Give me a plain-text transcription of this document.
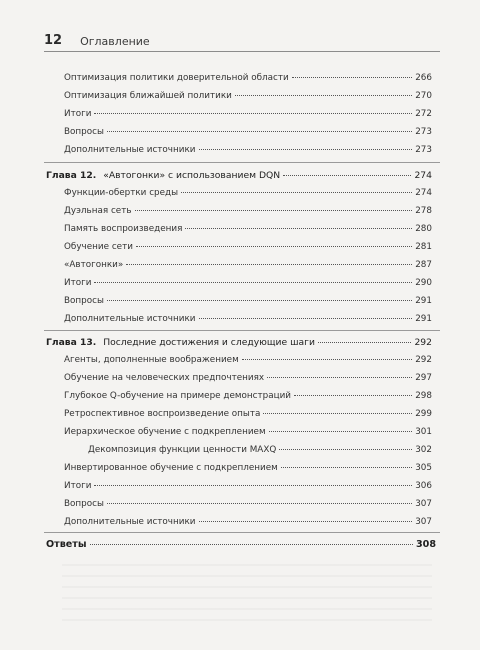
12 Оглавление
Оптимизация политики доверительной области	266
Оптимизация ближайшей политики	270
Итоги	272
Вопросы	273
Дополнительные источники	273
Глава 12. «Автогонки» с использованием DQN	274
Функции-обертки среды	274
Дуэльная сеть	278
Память воспроизведения	280
Обучение сети	281
«Автогонки»	287
Итоги	290
Вопросы	291
Дополнительные источники	291
Глава 13. Последние достижения и следующие шаги	292
Агенты, дополненные воображением	292
Обучение на человеческих предпочтениях	297
Глубокое Q-обучение на примере демонстраций	298
Ретроспективное воспроизведение опыта	299
Иерархическое обучение с подкреплением	301
Декомпозиция функции ценности MAXQ	302
Инвертированное обучение с подкреплением	305
Итоги	306
Вопросы	307
Дополнительные источники	307
Ответы	308
